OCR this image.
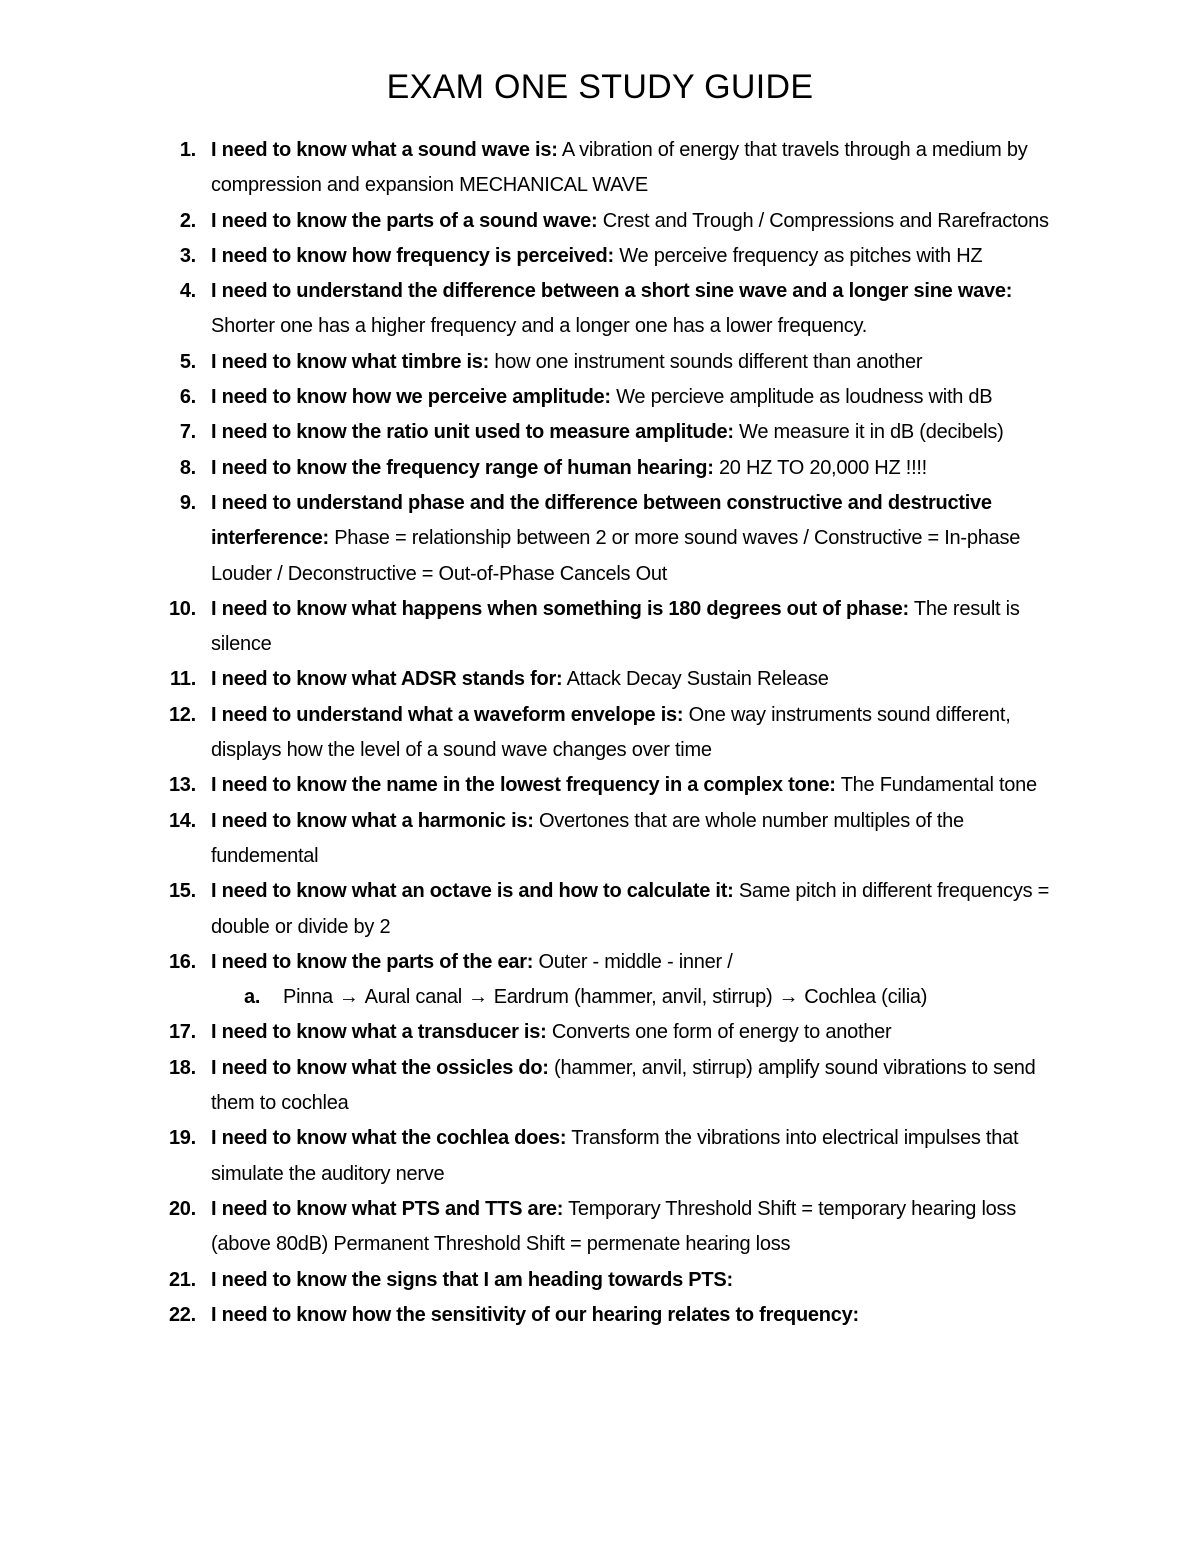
EXAM ONE STUDY GUIDE
1. I need to know what a sound wave is: A vibration of energy that travels through a medium by compression and expansion MECHANICAL WAVE
2. I need to know the parts of a sound wave: Crest and Trough / Compressions and Rarefractons
3. I need to know how frequency is perceived: We perceive frequency as pitches with HZ
4. I need to understand the difference between a short sine wave and a longer sine wave: Shorter one has a higher frequency and a longer one has a lower frequency.
5. I need to know what timbre is: how one instrument sounds different than another
6. I need to know how we perceive amplitude: We percieve amplitude as loudness with dB
7. I need to know the ratio unit used to measure amplitude: We measure it in dB (decibels)
8. I need to know the frequency range of human hearing: 20 HZ TO 20,000 HZ !!!!
9. I need to understand phase and the difference between constructive and destructive interference: Phase = relationship between 2 or more sound waves / Constructive = In-phase Louder / Deconstructive = Out-of-Phase Cancels Out
10. I need to know what happens when something is 180 degrees out of phase: The result is silence
11. I need to know what ADSR stands for: Attack Decay Sustain Release
12. I need to understand what a waveform envelope is: One way instruments sound different, displays how the level of a sound wave changes over time
13. I need to know the name in the lowest frequency in a complex tone: The Fundamental tone
14. I need to know what a harmonic is: Overtones that are whole number multiples of the fundemental
15. I need to know what an octave is and how to calculate it: Same pitch in different frequencys = double or divide by 2
16. I need to know the parts of the ear: Outer - middle - inner /
a. Pinna → Aural canal → Eardrum (hammer, anvil, stirrup) → Cochlea (cilia)
17. I need to know what a transducer is: Converts one form of energy to another
18. I need to know what the ossicles do: (hammer, anvil, stirrup) amplify sound vibrations to send them to cochlea
19. I need to know what the cochlea does: Transform the vibrations into electrical impulses that simulate the auditory nerve
20. I need to know what PTS and TTS are: Temporary Threshold Shift = temporary hearing loss (above 80dB) Permanent Threshold Shift = permenate hearing loss
21. I need to know the signs that I am heading towards PTS:
22. I need to know how the sensitivity of our hearing relates to frequency:
